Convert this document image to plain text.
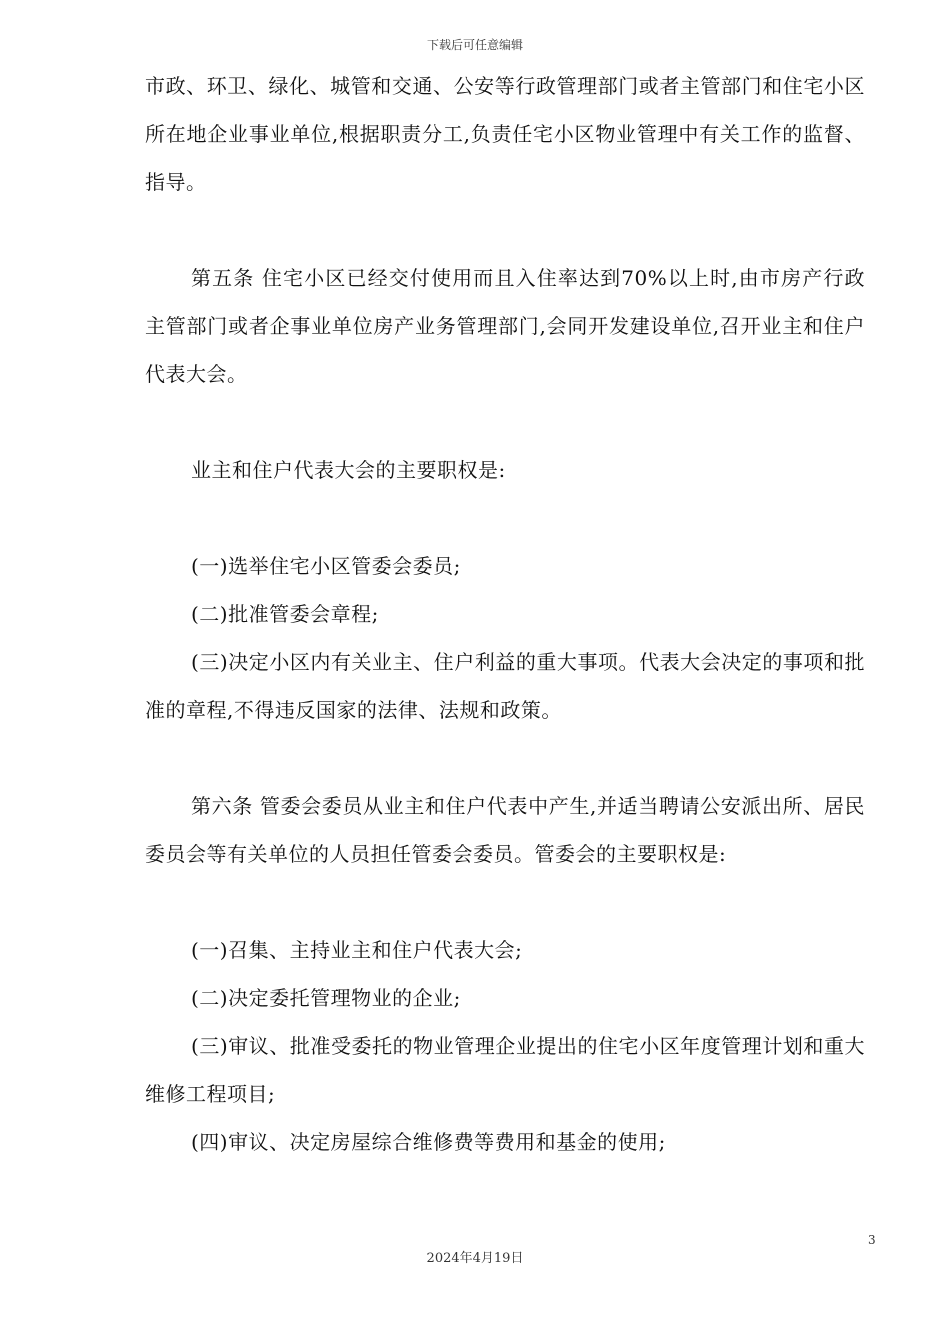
下载后可任意编辑

市政、环卫、绿化、城管和交通、公安等行政管理部门或者主管部门和住宅小区所在地企业事业单位,根据职责分工,负责任宅小区物业管理中有关工作的监督、指导。

第五条 住宅小区已经交付使用而且入住率达到70%以上时,由市房产行政主管部门或者企事业单位房产业务管理部门,会同开发建设单位,召开业主和住户代表大会。

业主和住户代表大会的主要职权是:

(一)选举住宅小区管委会委员;

(二)批准管委会章程;

(三)决定小区内有关业主、住户利益的重大事项。代表大会决定的事项和批准的章程,不得违反国家的法律、法规和政策。

第六条 管委会委员从业主和住户代表中产生,并适当聘请公安派出所、居民委员会等有关单位的人员担任管委会委员。管委会的主要职权是:

(一)召集、主持业主和住户代表大会;

(二)决定委托管理物业的企业;

(三)审议、批准受委托的物业管理企业提出的住宅小区年度管理计划和重大维修工程项目;

(四)审议、决定房屋综合维修费等费用和基金的使用;

3
2024年4月19日
